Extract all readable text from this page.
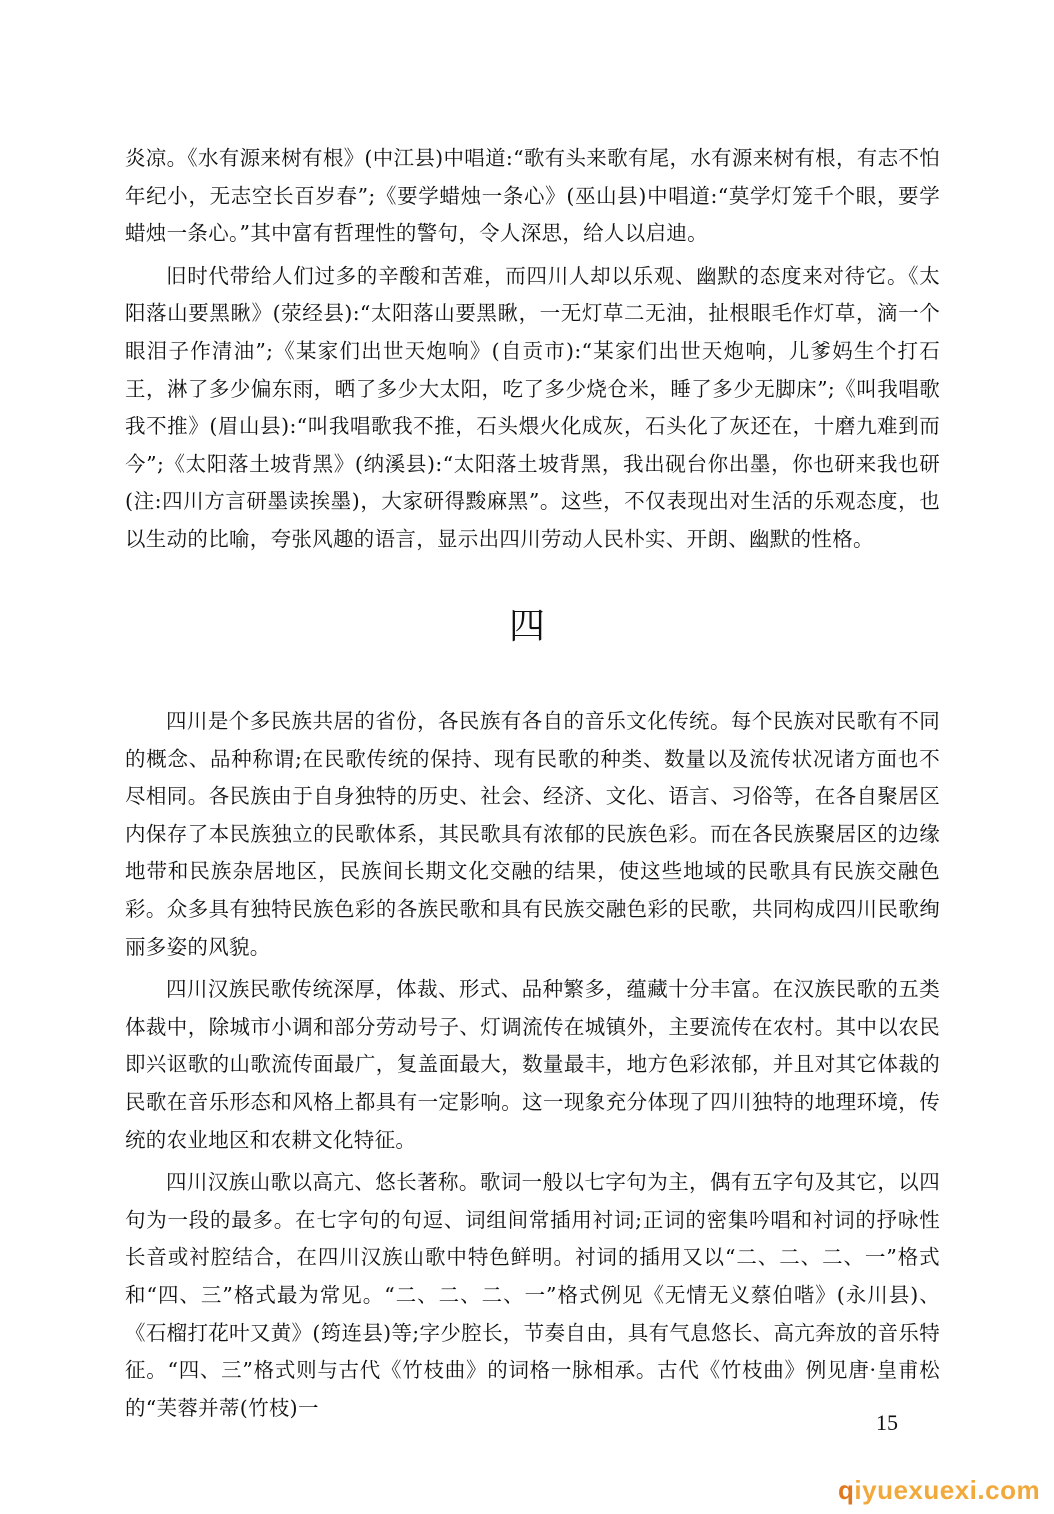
炎凉。《水有源来树有根》(中江县)中唱道:“歌有头来歌有尾，水有源来树有根，有志不怕年纪小，无志空长百岁春”;《要学蜡烛一条心》(巫山县)中唱道:“莫学灯笼千个眼，要学蜡烛一条心。”其中富有哲理性的警句，令人深思，给人以启迪。

旧时代带给人们过多的辛酸和苦难，而四川人却以乐观、幽默的态度来对待它。《太阳落山要黑瞅》(荥经县):“太阳落山要黑瞅，一无灯草二无油，扯根眼毛作灯草，滴一个眼泪子作清油”;《某家们出世天炮响》(自贡市):“某家们出世天炮响，儿爹妈生个打石王，淋了多少偏东雨，晒了多少大太阳，吃了多少烧仓米，睡了多少无脚床”;《叫我唱歌我不推》(眉山县):“叫我唱歌我不推，石头煨火化成灰，石头化了灰还在，十磨九难到而今”;《太阳落土坡背黑》(纳溪县):“太阳落土坡背黑，我出砚台你出墨，你也研来我也研(注:四川方言研墨读挨墨)，大家研得黢麻黑”。这些，不仅表现出对生活的乐观态度，也以生动的比喻，夸张风趣的语言，显示出四川劳动人民朴实、开朗、幽默的性格。

四

四川是个多民族共居的省份，各民族有各自的音乐文化传统。每个民族对民歌有不同的概念、品种称谓;在民歌传统的保持、现有民歌的种类、数量以及流传状况诸方面也不尽相同。各民族由于自身独特的历史、社会、经济、文化、语言、习俗等，在各自聚居区内保存了本民族独立的民歌体系，其民歌具有浓郁的民族色彩。而在各民族聚居区的边缘地带和民族杂居地区，民族间长期文化交融的结果，使这些地域的民歌具有民族交融色彩。众多具有独特民族色彩的各族民歌和具有民族交融色彩的民歌，共同构成四川民歌绚丽多姿的风貌。

四川汉族民歌传统深厚，体裁、形式、品种繁多，蕴藏十分丰富。在汉族民歌的五类体裁中，除城市小调和部分劳动号子、灯调流传在城镇外，主要流传在农村。其中以农民即兴讴歌的山歌流传面最广，复盖面最大，数量最丰，地方色彩浓郁，并且对其它体裁的民歌在音乐形态和风格上都具有一定影响。这一现象充分体现了四川独特的地理环境，传统的农业地区和农耕文化特征。

四川汉族山歌以高亢、悠长著称。歌词一般以七字句为主，偶有五字句及其它，以四句为一段的最多。在七字句的句逗、词组间常插用衬词;正词的密集吟唱和衬词的抒咏性长音或衬腔结合，在四川汉族山歌中特色鲜明。衬词的插用又以“二、二、二、一”格式和“四、三”格式最为常见。“二、二、二、一”格式例见《无情无义蔡伯喈》(永川县)、《石榴打花叶又黄》(筠连县)等;字少腔长，节奏自由，具有气息悠长、高亢奔放的音乐特征。“四、三”格式则与古代《竹枝曲》的词格一脉相承。古代《竹枝曲》例见唐·皇甫松的“芙蓉并蒂(竹枝)一

15
qiyuexuexi.com
